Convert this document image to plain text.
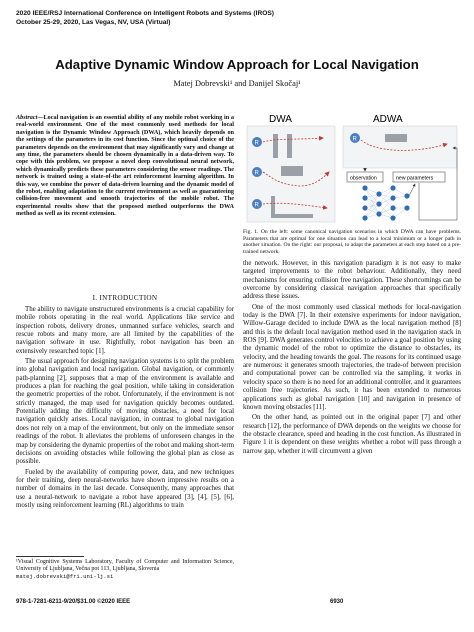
2020 IEEE/RSJ International Conference on Intelligent Robots and Systems (IROS)
October 25-29, 2020, Las Vegas, NV, USA (Virtual)
Adaptive Dynamic Window Approach for Local Navigation
Matej Dobrevski¹ and Danijel Skočaj¹
Abstract—Local navigation is an essential ability of any mobile robot working in a real-world environment. One of the most commonly used methods for local navigation is the Dynamic Window Approach (DWA), which heavily depends on the settings of the parameters in its cost function. Since the optimal choice of the parameters depends on the environment that may significantly vary and change at any time, the parameters should be chosen dynamically in a data-driven way. To cope with this problem, we propose a novel deep convolutional neural network, which dynamically predicts these parameters considering the sensor readings. The network is trained using a state-of-the art reinforcement learning algorithm. In this way, we combine the power of data-driven learning and the dynamic model of the robot, enabling adaptation to the current environment as well as guaranteeing collision-free movement and smooth trajectories of the mobile robot. The experimental results show that the proposed method outperforms the DWA method as well as its recent extension.
I. INTRODUCTION

The ability to navigate unstructured environments is a crucial capability for mobile robots operating in the real world. Applications like service and inspection robots, delivery drones, unmanned surface vehicles, search and rescue robots and many more, are all limited by the capabilities of the navigation software in use. Rightfully, robot navigation has been an extensively researched topic [1].

The usual approach for designing navigation systems is to split the problem into global navigation and local navigation. Global navigation, or commonly path-planning [2], supposes that a map of the environment is available and produces a plan for reaching the goal position, while taking in consideration the geometric properties of the robot. Unfortunately, if the environment is not strictly managed, the map used for navigation quickly becomes outdated. Potentially adding the difficulty of moving obstacles, a need for local navigation quickly arises. Local navigation, in contrast to global navigation does not rely on a map of the environment, but only on the immediate sensor readings of the robot. It alleviates the problems of unforeseen changes in the map by considering the dynamic properties of the robot and making short-term decisions on avoiding obstacles while following the global plan as close as possible.

Fueled by the availability of computing power, data, and new techniques for their training, deep neural-networks have shown impressive results on a number of domains in the last decade. Consequently, many approaches that use a neural-network to navigate a robot have appeared [3], [4], [5], [6], mostly using reinforcement learning (RL) algorithms to train

¹Visual Cognitive Systems Laboratory, Faculty of Computer and Information Science, University of Ljubljana, Večna pot 113, Ljubljana, Slovenia
matej.dobrevski@fri.uni-lj.si
DWA
R
R
R
ADWA
R
observation	new parameters
Fig. 1. On the left: some canonical navigation scenarios in which DWA can have problems. Parameters that are optimal for one situation can lead to a local minimum or a longer path in another situation. On the right: our proposal, to adapt the parameters at each step based on a pre-trained network.

the network. However, in this navigation paradigm it is not easy to make targeted improvements to the robot behaviour. Additionally, they need mechanisms for ensuring collision free navigation. These shortcomings can be overcome by considering classical navigation approaches that specifically address these issues.

One of the most commonly used classical methods for local-navigation today is the DWA [7]. In their extensive experiments for indoor navigation, Willow-Garage decided to include DWA as the local navigation method [8] and this is the default local navigation method used in the navigation stack in ROS [9]. DWA generates control velocities to achieve a goal position by using the dynamic model of the robot to optimize the distance to obstacles, its velocity, and the heading towards the goal. The reasons for its continued usage are numerous: it generates smooth trajectories, the trade-of between precision and computational power can be controlled via the sampling, it works in velocity space so there is no need for an additional controller, and it guarantees collision free trajectories. As such, it has been extended to numerous applications such as global navigation [10] and navigation in presence of known moving obstacles [11].

On the other hand, as pointed out in the original paper [7] and other research [12], the performance of DWA depends on the weights we choose for the obstacle clearance, speed and heading in the cost function. As illustrated in Figure 1 it is dependent on these weights whether a robot will pass through a narrow gap, whether it will circumvent a given

978-1-7281-6211-9/20/$31.00 ©2020 IEEE	6930
